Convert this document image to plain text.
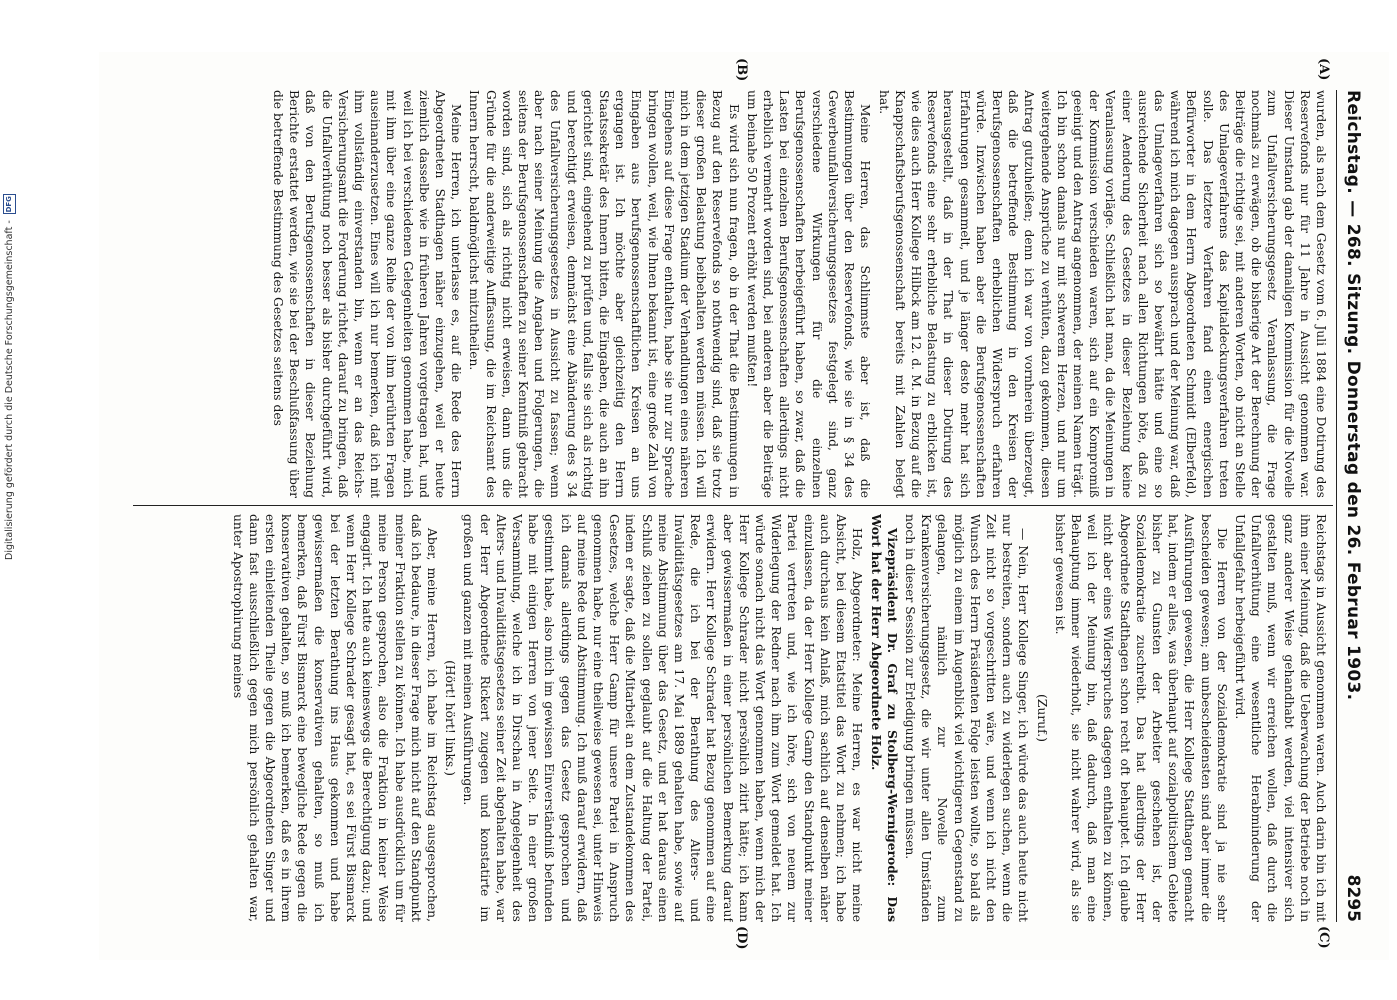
Reichstag. — 268. Sitzung. Donnerstag den 26. Februar 1903.
8295
(A)
(B)
(C)
(D)

wurden, als nach dem Gesetz vom 6. Juli 1884 eine Dotirung des Reservefonds nur für 11 Jahre in Aussicht genommen war. Dieser Umstand gab der damaligen Kommission für die Novelle zum Unfallversicherungsgesetz Veranlassung, die Frage nochmals zu erwägen, ob die bisherige Art der Berechnung der Beiträge die richtige sei, mit anderen Worten, ob nicht an Stelle des Umlageverfahrens das Kapitaldeckungsverfahren treten solle. Das letztere Verfahren fand einen energischen Befürworter in dem Herrn Abgeordneten Schmidt (Elberfeld), während ich mich dagegen aussprach und der Meinung war, daß das Umlageverfahren sich so bewährt hätte und eine so ausreichende Sicherheit nach allen Richtungen böte, daß zu einer Aenderung des Gesetzes in dieser Beziehung keine Veranlassung vorläge. Schließlich hat man, da die Meinungen in der Kommission verschieden waren, sich auf ein Kompromiß geeinigt und den Antrag angenommen, der meinen Namen trägt. Ich bin schon damals nur mit schwerem Herzen, und nur um weitergehende Ansprüche zu verhüten, dazu gekommen, diesen Antrag gutzuheißen; denn ich war von vornherein überzeugt, daß die betreffende Bestimmung in den Kreisen der Berufsgenossenschaften erheblichen Widerspruch erfahren würde. Inzwischen haben aber die Berufsgenossenschaften Erfahrungen gesammelt, und je länger desto mehr hat sich herausgestellt, daß in der That in dieser Dotirung des Reservefonds eine sehr erhebliche Belastung zu erblicken ist, wie dies auch Herr Kollege Hilbck am 12. d. M. in Bezug auf die Knappschaftsberufsgenossenschaft bereits mit Zahlen belegt hat.

Meine Herren, das Schlimmste aber ist, daß die Bestimmungen über den Reservefonds, wie sie in § 34 des Gewerbeunfallversicherungsgesetzes festgelegt sind, ganz verschiedene Wirkungen für die einzelnen Berufsgenossenschaften herbeigeführt haben, so zwar, daß die Lasten bei einzelnen Berufsgenossenschaften allerdings nicht erheblich vermehrt worden sind, bei anderen aber die Beiträge um beinahe 50 Prozent erhöht werden mußten!

Es wird sich nun fragen, ob in der That die Bestimmungen in Bezug auf den Reservefonds so nothwendig sind, daß sie trotz dieser großen Belastung beibehalten werden müssen. Ich will mich in dem jetzigen Stadium der Verhandlungen eines näheren Eingehens auf diese Frage enthalten, habe sie nur zur Sprache bringen wollen, weil, wie Ihnen bekannt ist, eine große Zahl von Eingaben aus berufsgenossenschaftlichen Kreisen an uns ergangen ist. Ich möchte aber gleichzeitig den Herrn Staatssekretär des Innern bitten, die Eingaben, die auch an ihn gerichtet sind, eingehend zu prüfen und, falls sie sich als richtig und berechtigt erweisen, demnächst eine Abänderung des § 34 des Unfallversicherungsgesetzes in Aussicht zu fassen; wenn aber nach seiner Meinung die Angaben und Folgerungen, die seitens der Berufsgenossenschaften zu seiner Kenntniß gebracht worden sind, sich als richtig nicht erweisen, dann uns die Gründe für die anderweitige Auffassung, die im Reichsamt des Innern herrscht, baldmöglichst mitzutheilen.

Meine Herren, ich unterlasse es, auf die Rede des Herrn Abgeordneten Stadthagen näher einzugehen, weil er heute ziemlich dasselbe wie in früheren Jahren vorgetragen hat, und weil ich bei verschiedenen Gelegenheiten genommen habe, mich mit ihm über eine ganze Reihe der von ihm berührten Fragen auseinanderzusetzen. Eines will ich nur bemerken, daß ich mit ihm vollständig einverstanden bin, wenn er an das Reichs-Versicherungsamt die Forderung richtet, darauf zu bringen, daß die Unfallverhütung noch besser als bisher durchgeführt wird, daß von den Berufsgenossenschaften in dieser Beziehung Berichte erstattet werden, wie sie bei der Beschlußfassung über die betreffende Bestimmung des Gesetzes seitens des

Reichstags in Aussicht genommen waren. Auch darin bin ich mit ihm einer Meinung, daß die Ueberwachung der Betriebe noch in ganz anderer Weise gehandhabt werden, viel intensiver sich gestalten muß, wenn wir erreichen wollen, daß durch die Unfallverhütung eine wesentliche Herabminderung der Unfallgefahr herbeigeführt wird.

Die Herren von der Sozialdemokratie sind ja nie sehr bescheiden gewesen; am unbescheidensten sind aber immer die Ausführungen gewesen, die Herr Kollege Stadthagen gemacht hat, indem er alles, was überhaupt auf sozialpolitischem Gebiete bisher zu Gunsten der Arbeiter geschehen ist, der Sozialdemokratie zuschreibt. Das hat allerdings der Herr Abgeordnete Stadthagen schon recht oft behauptet. Ich glaube nicht aber eines Widerspruches dagegen enthalten zu können, weil ich der Meinung bin, daß dadurch, daß man eine Behauptung immer wiederholt, sie nicht wahrer wird, als sie bisher gewesen ist.

(Zuruf.)

— Nein, Herr Kollege Singer, ich würde das auch heute nicht nur bestreiten, sondern auch zu widerlegen suchen, wenn die Zeit nicht so vorgeschritten wäre, und wenn ich nicht den Wunsch des Herrn Präsidenten Folge leisten wollte, so bald als möglich zu einem im Augenblick viel wichtigeren Gegenstand zu gelangen, nämlich zur Novelle zum Krankenversicherungsgesetz, die wir unter allen Umständen noch in dieser Session zur Erledigung bringen müssen.

Vizepräsident Dr. Graf zu Stolberg-Wernigerode: Das Wort hat der Herr Abgeordnete Holz.

Holz, Abgeordneter: Meine Herren, es war nicht meine Absicht, bei diesem Etatstitel das Wort zu nehmen; ich habe auch durchaus kein Anlaß, mich sachlich auf denselben näher einzulassen, da der Herr Kollege Gamp den Standpunkt meiner Partei vertreten und, wie ich höre, sich von neuem zur Widerlegung der Redner nach ihm zum Wort gemeldet hat. Ich würde sonach nicht das Wort genommen haben, wenn mich der Herr Kollege Schrader nicht persönlich zitirt hätte; ich kann aber gewissermaßen in einer persönlichen Bemerkung darauf erwidern. Herr Kollege Schrader hat Bezug genommen auf eine Rede, die ich bei der Berathung des Alters- und Invaliditätsgesetzes am 17. Mai 1889 gehalten habe, sowie auf meine Abstimmung über das Gesetz, und er hat daraus einen Schluß ziehen zu sollen geglaubt auf die Haltung der Partei, indem er sagte, daß die Mitarbeit an dem Zustandekommen des Gesetzes, welche Herr Gamp für unsere Partei in Anspruch genommen habe, nur eine theilweise gewesen sei, unter Hinweis auf meine Rede und Abstimmung. Ich muß darauf erwidern, daß ich damals allerdings gegen das Gesetz gesprochen und gestimmt habe, also mich im gewissen Einverständniß befunden habe mit einigen Herren von jener Seite. In einer großen Versammlung, welche ich in Dirschau in Angelegenheit des Alters- und Invaliditätsgesetzes seiner Zeit abgehalten habe, war der Herr Abgeordnete Rickert zugegen und konstatirte im großen und ganzen mit meinen Ausführungen.

(Hört! hört! links.)

Aber, meine Herren, ich habe im Reichstag ausgesprochen, daß ich bedaure, in dieser Frage mich nicht auf den Standpunkt meiner Fraktion stellen zu können. Ich habe ausdrücklich um für meine Person gesprochen, also die Fraktion in keiner Weise engagirt. Ich hatte auch keineswegs die Berechtigung dazu; und wenn Herr Kollege Schrader gesagt hat, es sei Fürst Bismarck bei der letzten Berathung ins Haus gekommen und habe gewissermaßen die konservativen gehalten, so muß ich bemerken, daß Fürst Bismarck eine bewegliche Rede gegen die konservativen gehalten, so muß ich bemerken, daß es in ihrem ersten einleitenden Theile gegen die Abgeordneten Singer und dann fast ausschließlich gegen mich persönlich gehalten war, unter Apostrophirung meines

Digitalisierung gefördert durch die Deutsche Forschungsgemeinschaft -
DFG
